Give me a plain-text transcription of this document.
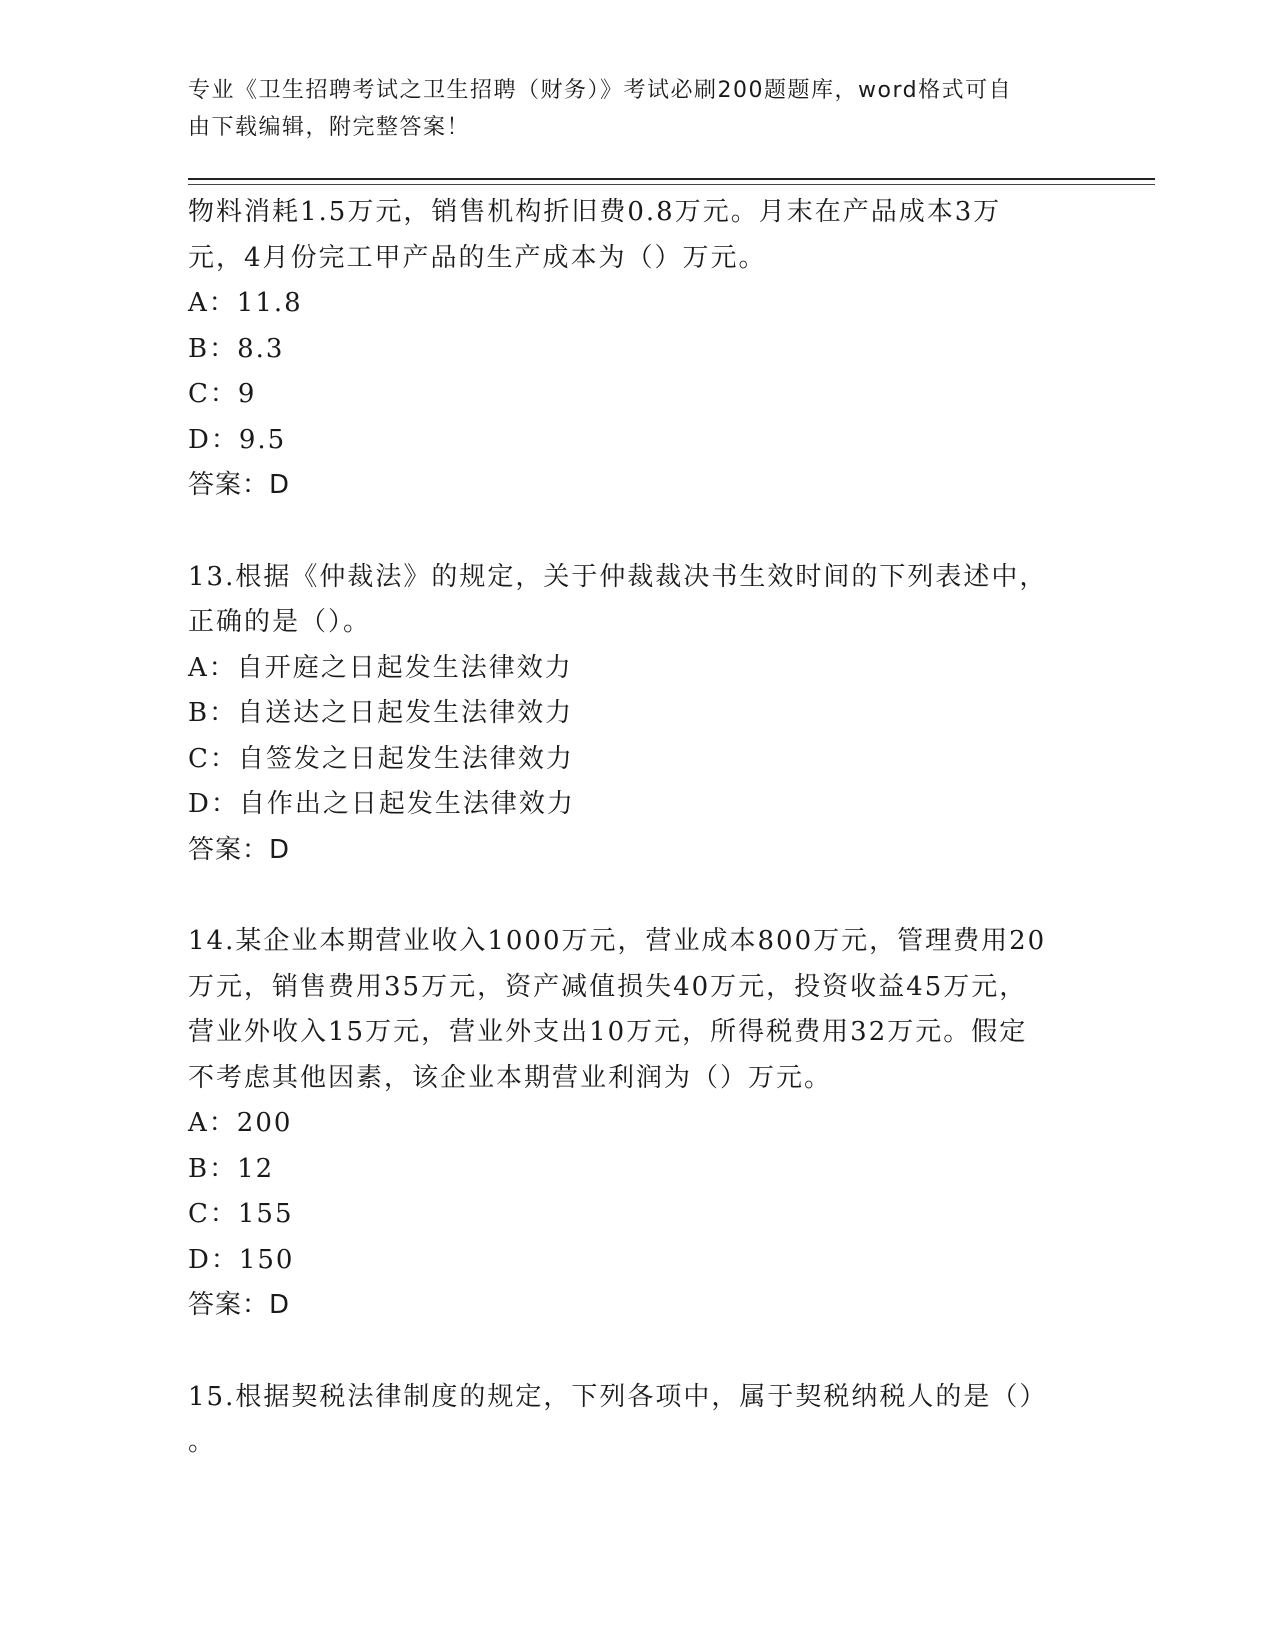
专业《卫生招聘考试之卫生招聘（财务）》考试必刷200题题库，word格式可自
由下载编辑，附完整答案！

物料消耗1.5万元，销售机构折旧费0.8万元。月末在产品成本3万

元，4月份完工甲产品的生产成本为（）万元。

A：11.8

B：8.3

C：9

D：9.5

答案：D

13.根据《仲裁法》的规定，关于仲裁裁决书生效时间的下列表述中，

正确的是（）。

A：自开庭之日起发生法律效力

B：自送达之日起发生法律效力

C：自签发之日起发生法律效力

D：自作出之日起发生法律效力

答案：D

14.某企业本期营业收入1000万元，营业成本800万元，管理费用20

万元，销售费用35万元，资产减值损失40万元，投资收益45万元，

营业外收入15万元，营业外支出10万元，所得税费用32万元。假定

不考虑其他因素，该企业本期营业利润为（）万元。

A：200

B：12

C：155

D：150

答案：D

15.根据契税法律制度的规定，下列各项中，属于契税纳税人的是（）

。
